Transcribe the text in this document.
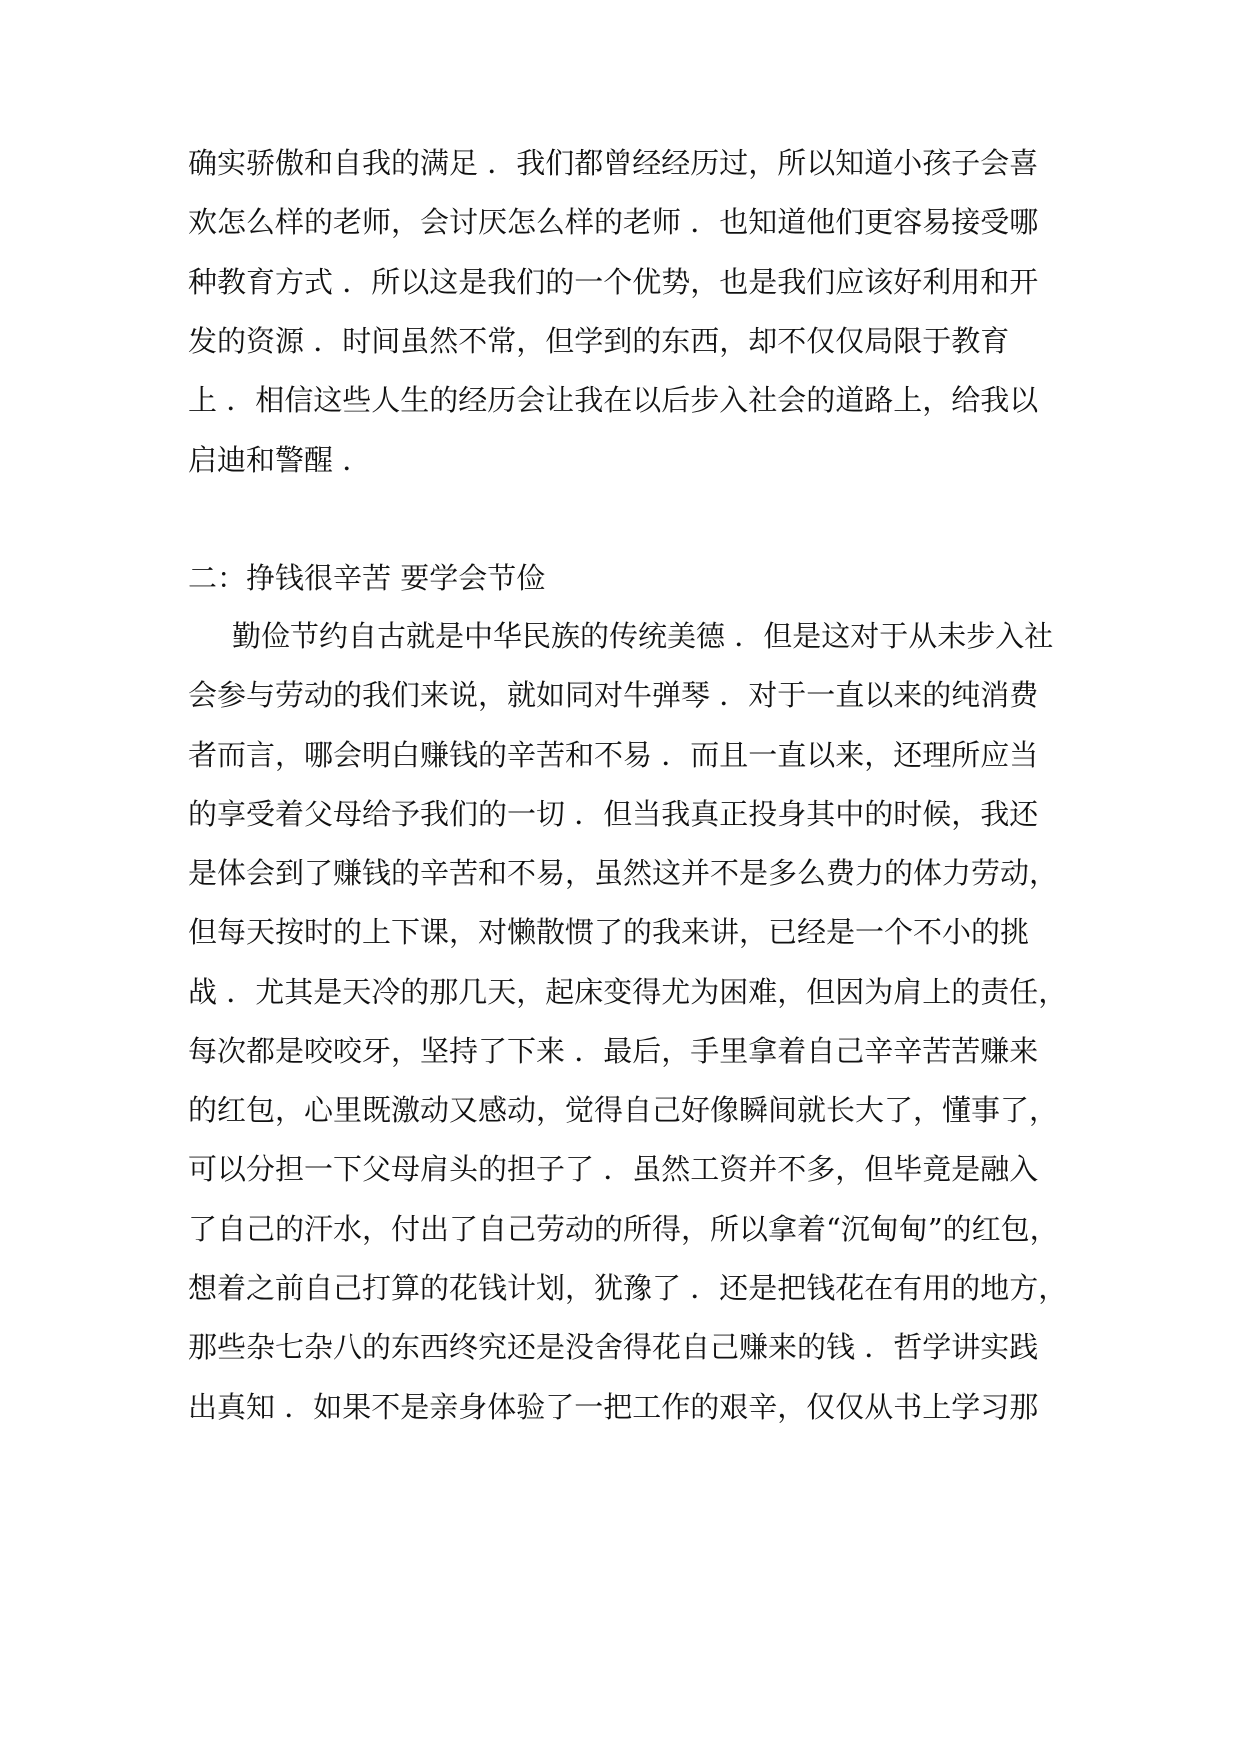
确实骄傲和自我的满足 ．我们都曾经经历过，所以知道小孩子会喜
欢怎么样的老师，会讨厌怎么样的老师 ．也知道他们更容易接受哪
种教育方式 ．所以这是我们的一个优势，也是我们应该好利用和开
发的资源 ．时间虽然不常，但学到的东西，却不仅仅局限于教育
上 ．相信这些人生的经历会让我在以后步入社会的道路上，给我以
启迪和警醒 ．
二：挣钱很辛苦 要学会节俭
勤俭节约自古就是中华民族的传统美德 ．但是这对于从未步入社
会参与劳动的我们来说，就如同对牛弹琴 ．对于一直以来的纯消费
者而言，哪会明白赚钱的辛苦和不易 ．而且一直以来，还理所应当
的享受着父母给予我们的一切 ．但当我真正投身其中的时候，我还
是体会到了赚钱的辛苦和不易，虽然这并不是多么费力的体力劳动，
但每天按时的上下课，对懒散惯了的我来讲，已经是一个不小的挑
战 ．尤其是天冷的那几天，起床变得尤为困难，但因为肩上的责任，
每次都是咬咬牙，坚持了下来 ．最后，手里拿着自己辛辛苦苦赚来
的红包，心里既激动又感动，觉得自己好像瞬间就长大了，懂事了，
可以分担一下父母肩头的担子了 ．虽然工资并不多，但毕竟是融入
了自己的汗水，付出了自己劳动的所得，所以拿着“沉甸甸”的红包，
想着之前自己打算的花钱计划，犹豫了 ．还是把钱花在有用的地方，
那些杂七杂八的东西终究还是没舍得花自己赚来的钱 ．哲学讲实践
出真知 ．如果不是亲身体验了一把工作的艰辛，仅仅从书上学习那
